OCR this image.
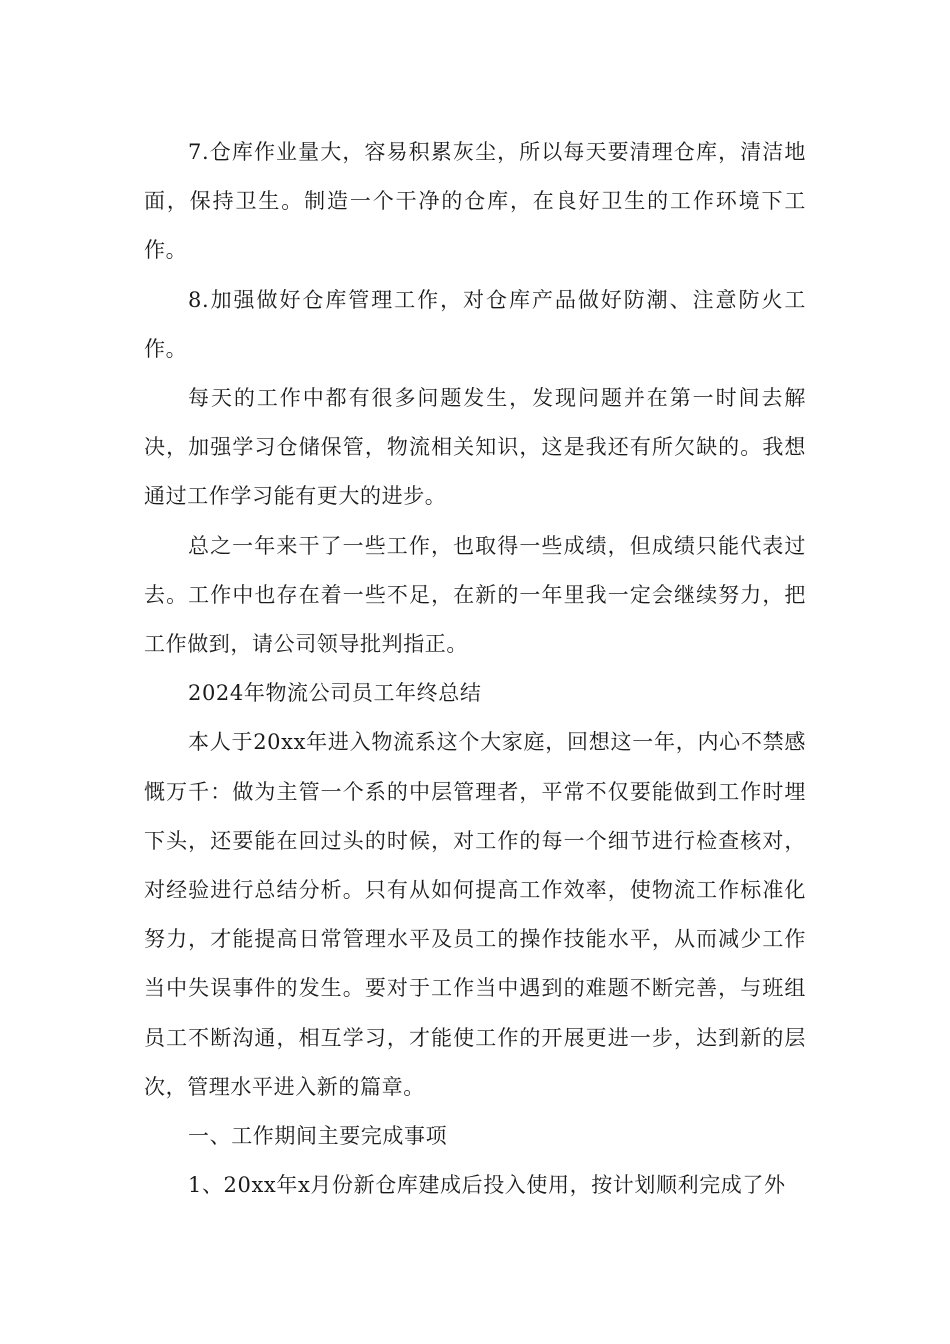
7.仓库作业量大，容易积累灰尘，所以每天要清理仓库，清洁地面，保持卫生。制造一个干净的仓库，在良好卫生的工作环境下工作。

8.加强做好仓库管理工作，对仓库产品做好防潮、注意防火工作。

每天的工作中都有很多问题发生，发现问题并在第一时间去解决，加强学习仓储保管，物流相关知识，这是我还有所欠缺的。我想通过工作学习能有更大的进步。

总之一年来干了一些工作，也取得一些成绩，但成绩只能代表过去。工作中也存在着一些不足，在新的一年里我一定会继续努力，把工作做到，请公司领导批判指正。

2024年物流公司员工年终总结

本人于20xx年进入物流系这个大家庭，回想这一年，内心不禁感慨万千：做为主管一个系的中层管理者，平常不仅要能做到工作时埋下头，还要能在回过头的时候，对工作的每一个细节进行检查核对，对经验进行总结分析。只有从如何提高工作效率，使物流工作标准化努力，才能提高日常管理水平及员工的操作技能水平，从而减少工作当中失误事件的发生。要对于工作当中遇到的难题不断完善，与班组员工不断沟通，相互学习，才能使工作的开展更进一步，达到新的层次，管理水平进入新的篇章。

一、工作期间主要完成事项

1、20xx年x月份新仓库建成后投入使用，按计划顺利完成了外
